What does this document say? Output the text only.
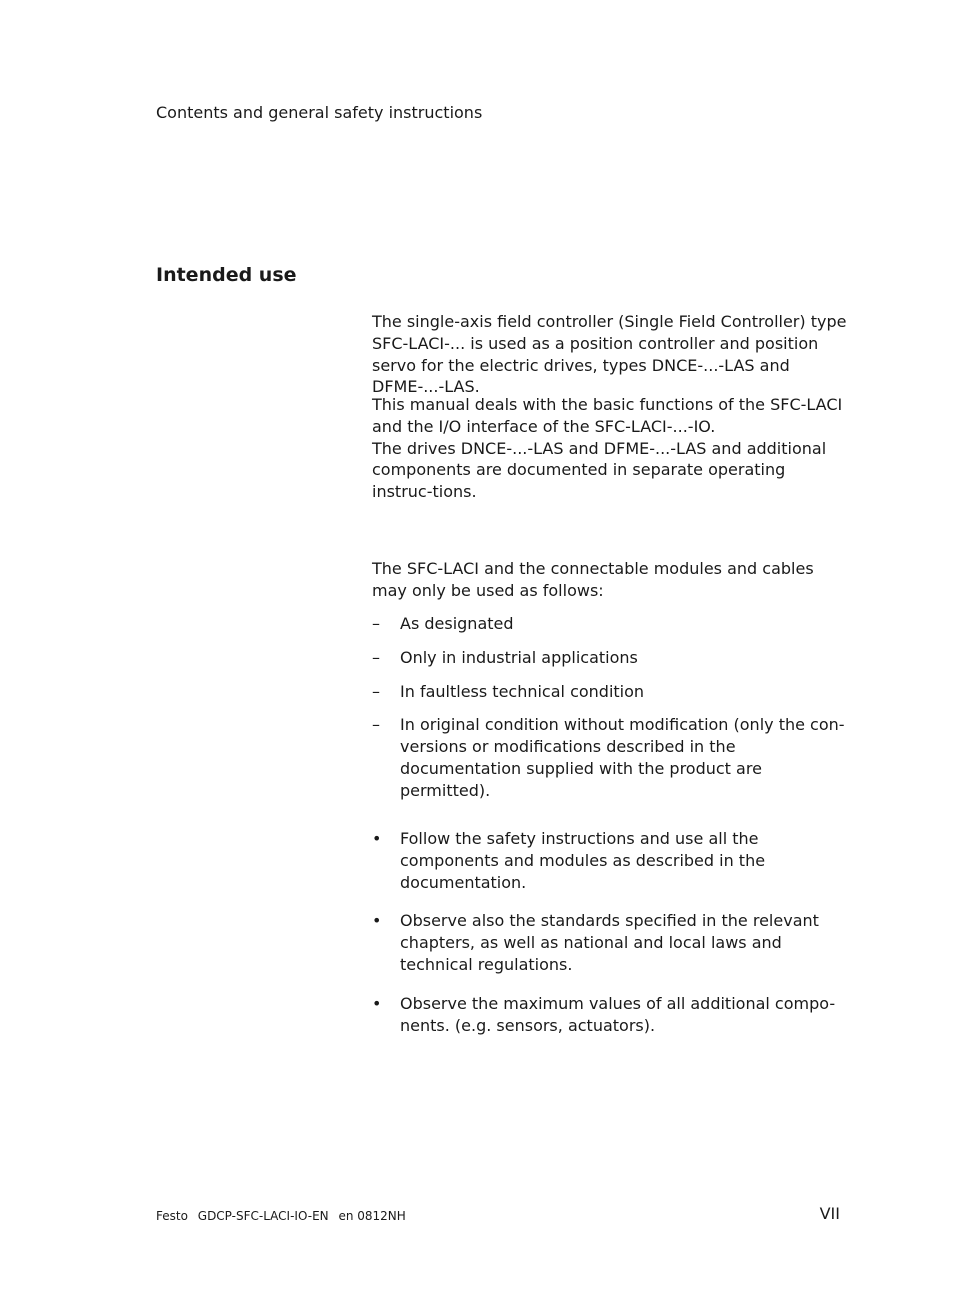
Contents and general safety instructions
Intended use

The single-axis field controller (Single Field Controller) type SFC-LACI-... is used as a position controller and position servo for the electric drives, types DNCE-...-LAS and DFME-...-LAS.

This manual deals with the basic functions of the SFC-LACI and the I/O interface of the SFC-LACI-...-IO.

The drives DNCE-...-LAS and DFME-...-LAS and additional components are documented in separate operating instruc-tions.

The SFC-LACI and the connectable modules and cables may only be used as follows:

–	As designated
–	Only in industrial applications
–	In faultless technical condition
–	In original condition without modification (only the con-versions or modifications described in the documentation supplied with the product are permitted).
•	Follow the safety instructions and use all the components and modules as described in the documentation.
•	Observe also the standards specified in the relevant chapters, as well as national and local laws and technical regulations.
•	Observe the maximum values of all additional compo-nents. (e.g. sensors, actuators).
Festo GDCP-SFC-LACI-IO-EN en 0812NH	VII
